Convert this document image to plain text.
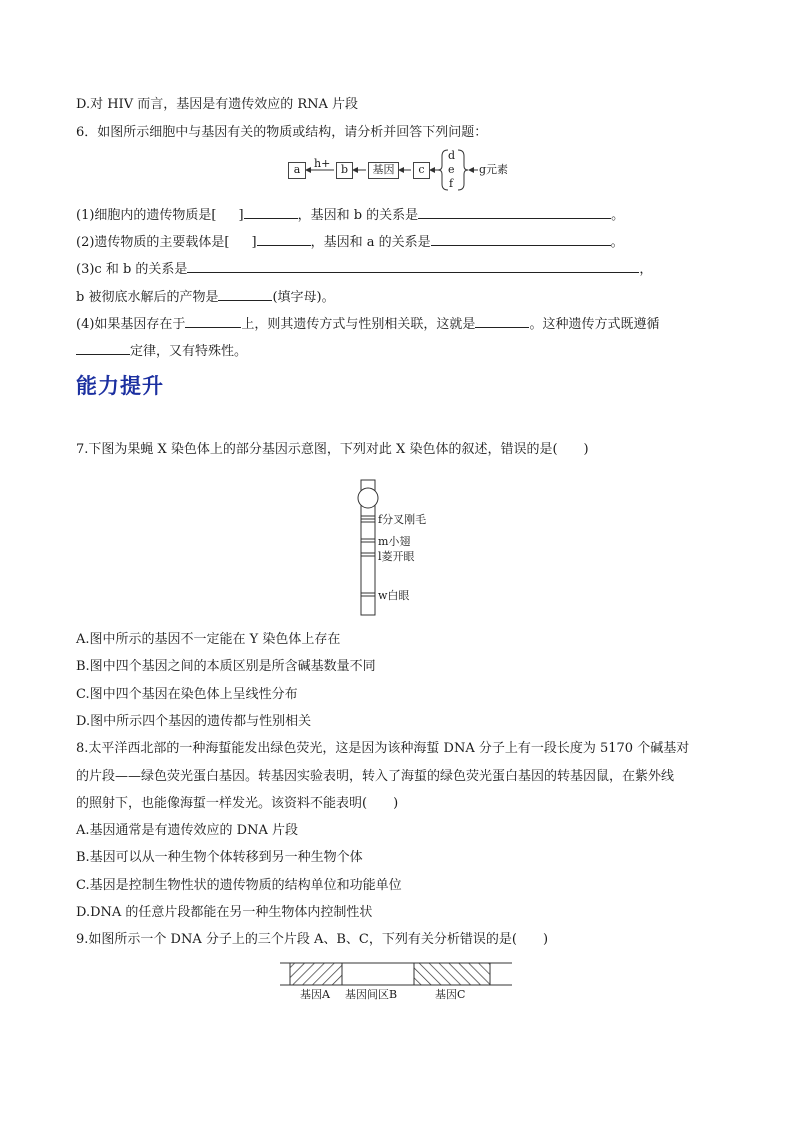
D.对 HIV 而言，基因是有遗传效应的 RNA 片段
6．如图所示细胞中与基因有关的物质或结构，请分析并回答下列问题：
a	h+ b	基因	c
d
e
f
g元素
(1)细胞内的遗传物质是[ ]	，基因和 b 的关系是	。
(2)遗传物质的主要载体是[ ]	，基因和 a 的关系是	。
(3)c 和 b 的关系是	，
b 被彻底水解后的产物是	(填字母)。
(4)如果基因存在于	上，则其遗传方式与性别相关联，这就是	。这种遗传方式既遵循
定律，又有特殊性。
能力提升
7.下图为果蝇 X 染色体上的部分基因示意图，下列对此 X 染色体的叙述，错误的是(　　)
f分叉刚毛
m小翅
l菱开眼
w白眼
A.图中所示的基因不一定能在 Y 染色体上存在
B.图中四个基因之间的本质区别是所含碱基数量不同
C.图中四个基因在染色体上呈线性分布
D.图中所示四个基因的遗传都与性别相关
8.太平洋西北部的一种海蜇能发出绿色荧光，这是因为该种海蜇 DNA 分子上有一段长度为 5170 个碱基对
的片段——绿色荧光蛋白基因。转基因实验表明，转入了海蜇的绿色荧光蛋白基因的转基因鼠，在紫外线
的照射下，也能像海蜇一样发光。该资料不能表明(　　)
A.基因通常是有遗传效应的 DNA 片段
B.基因可以从一种生物个体转移到另一种生物个体
C.基因是控制生物性状的遗传物质的结构单位和功能单位
D.DNA 的任意片段都能在另一种生物体内控制性状
9.如图所示一个 DNA 分子上的三个片段 A、B、C，下列有关分析错误的是(　　)
基因A 基因间区B	基因C
